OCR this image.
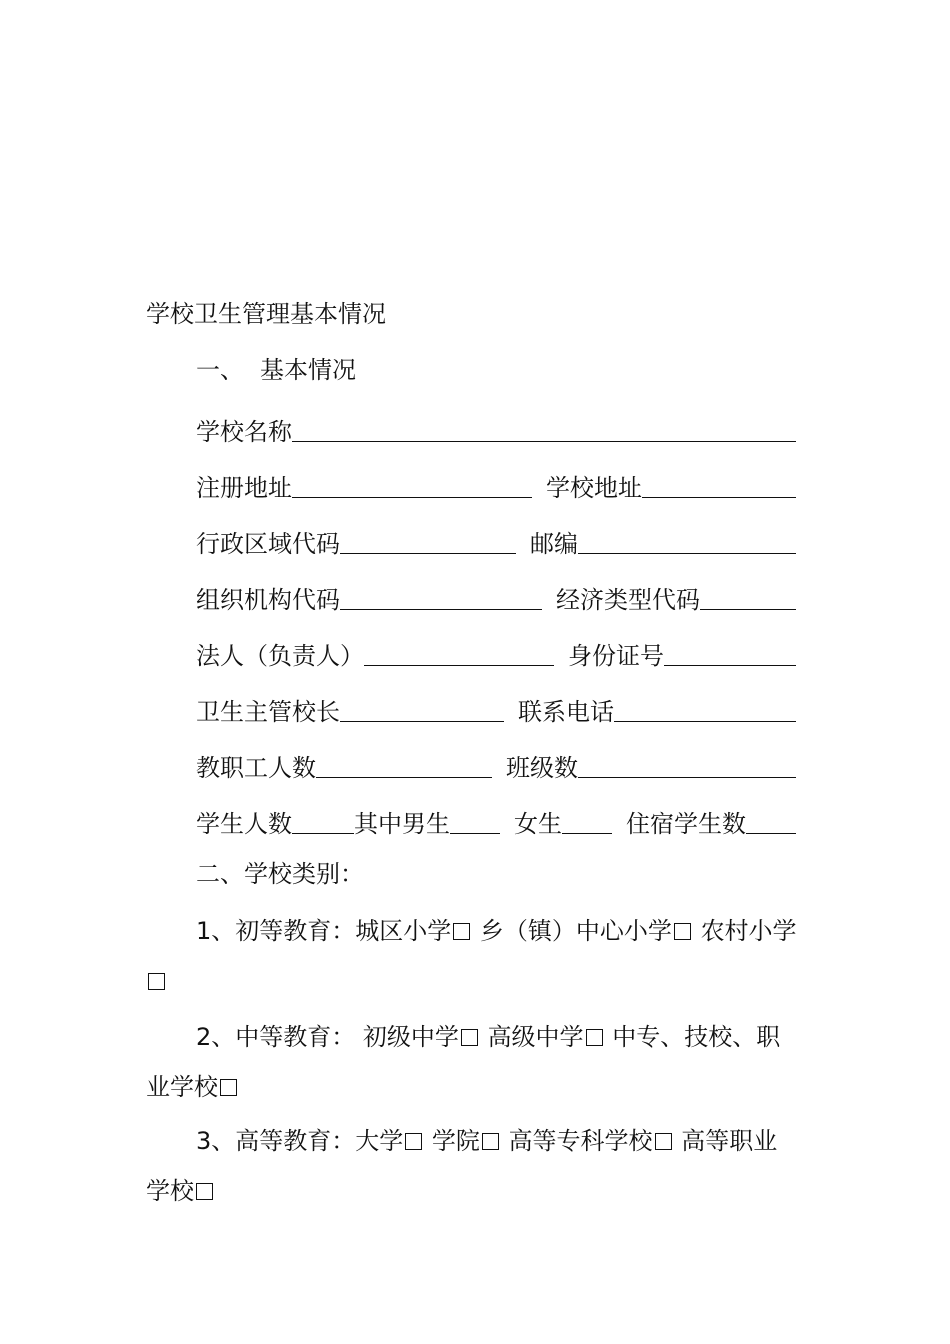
学校卫生管理基本情况
一、 基本情况
学校名称
注册地址	学校地址
行政区域代码	邮编
组织机构代码	经济类型代码
法人（负责人）	身份证号
卫生主管校长	联系电话
教职工人数	班级数
学生人数	其中男生	女生	住宿学生数
二、学校类别：
1、初等教育：城区小学 乡（镇）中心小学 农村小学
2、中等教育： 初级中学 高级中学 中专、技校、职业学校
3、高等教育：大学 学院 高等专科学校 高等职业学校
